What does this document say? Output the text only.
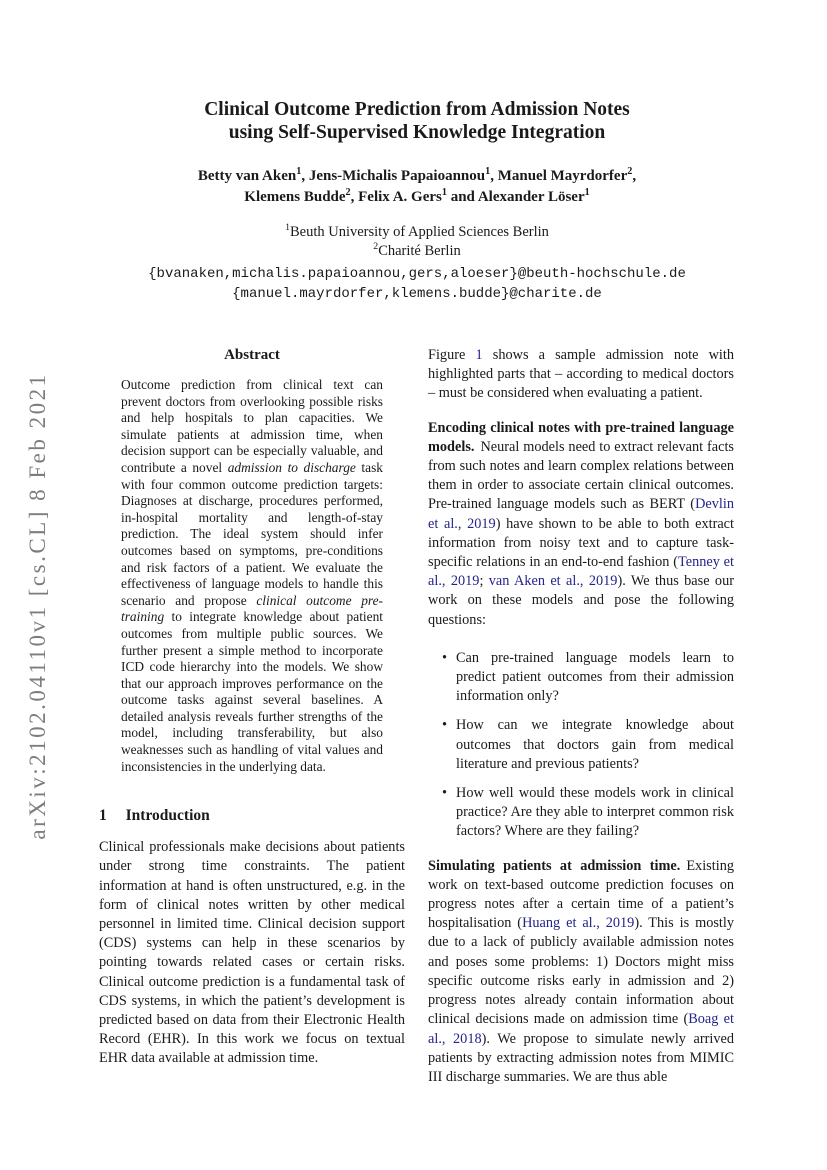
arXiv:2102.04110v1 [cs.CL] 8 Feb 2021
Clinical Outcome Prediction from Admission Notes
using Self-Supervised Knowledge Integration
Betty van Aken$^1$, Jens-Michalis Papaioannou$^1$, Manuel Mayrdorfer$^2$,
Klemens Budde$^2$, Felix A. Gers$^1$ and Alexander Löser$^1$
$^1$Beuth University of Applied Sciences Berlin
$^2$Charité Berlin
{bvanaken,michalis.papaioannou,gers,aloeser}@beuth-hochschule.de
{manuel.mayrdorfer,klemens.budde}@charite.de
Abstract

Outcome prediction from clinical text can prevent doctors from overlooking possible risks and help hospitals to plan capacities. We simulate patients at admission time, when decision support can be especially valuable, and contribute a novel admission to discharge task with four common outcome prediction targets: Diagnoses at discharge, procedures performed, in-hospital mortality and length-of-stay prediction. The ideal system should infer outcomes based on symptoms, pre-conditions and risk factors of a patient. We evaluate the effectiveness of language models to handle this scenario and propose clinical outcome pre-training to integrate knowledge about patient outcomes from multiple public sources. We further present a simple method to incorporate ICD code hierarchy into the models. We show that our approach improves performance on the outcome tasks against several baselines. A detailed analysis reveals further strengths of the model, including transferability, but also weaknesses such as handling of vital values and inconsistencies in the underlying data.

1 Introduction

Clinical professionals make decisions about patients under strong time constraints. The patient information at hand is often unstructured, e.g. in the form of clinical notes written by other medical personnel in limited time. Clinical decision support (CDS) systems can help in these scenarios by pointing towards related cases or certain risks. Clinical outcome prediction is a fundamental task of CDS systems, in which the patient’s development is predicted based on data from their Electronic Health Record (EHR). In this work we focus on textual EHR data available at admission time.

Figure 1 shows a sample admission note with highlighted parts that – according to medical doctors – must be considered when evaluating a patient.

Encoding clinical notes with pre-trained language models. Neural models need to extract relevant facts from such notes and learn complex relations between them in order to associate certain clinical outcomes. Pre-trained language models such as BERT (Devlin et al., 2019) have shown to be able to both extract information from noisy text and to capture task-specific relations in an end-to-end fashion (Tenney et al., 2019; van Aken et al., 2019). We thus base our work on these models and pose the following questions:

• Can pre-trained language models learn to predict patient outcomes from their admission information only?
• How can we integrate knowledge about outcomes that doctors gain from medical literature and previous patients?
• How well would these models work in clinical practice? Are they able to interpret common risk factors? Where are they failing?

Simulating patients at admission time. Existing work on text-based outcome prediction focuses on progress notes after a certain time of a patient’s hospitalisation (Huang et al., 2019). This is mostly due to a lack of publicly available admission notes and poses some problems: 1) Doctors might miss specific outcome risks early in admission and 2) progress notes already contain information about clinical decisions made on admission time (Boag et al., 2018). We propose to simulate newly arrived patients by extracting admission notes from MIMIC III discharge summaries. We are thus able
